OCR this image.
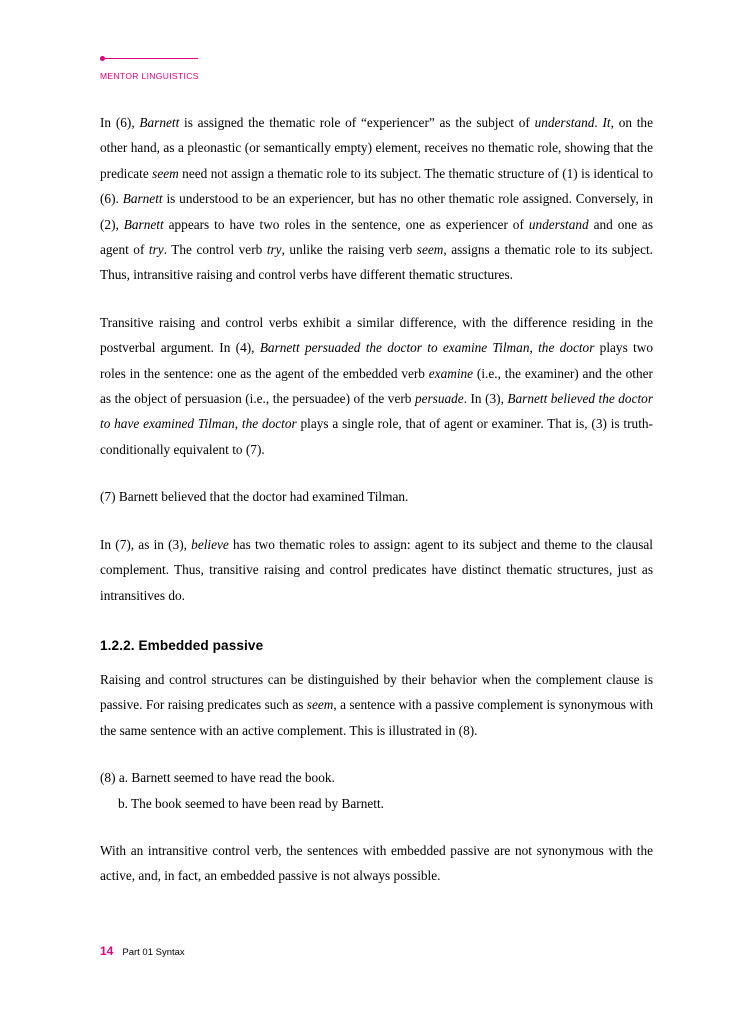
MENTOR LINGUISTICS

In (6), Barnett is assigned the thematic role of “experiencer” as the subject of understand. It, on the other hand, as a pleonastic (or semantically empty) element, receives no thematic role, showing that the predicate seem need not assign a thematic role to its subject. The thematic structure of (1) is identical to (6). Barnett is understood to be an experiencer, but has no other thematic role assigned. Conversely, in (2), Barnett appears to have two roles in the sentence, one as experiencer of understand and one as agent of try. The control verb try, unlike the raising verb seem, assigns a thematic role to its subject. Thus, intransitive raising and control verbs have different thematic structures.

Transitive raising and control verbs exhibit a similar difference, with the difference residing in the postverbal argument. In (4), Barnett persuaded the doctor to examine Tilman, the doctor plays two roles in the sentence: one as the agent of the embedded verb examine (i.e., the examiner) and the other as the object of persuasion (i.e., the persuadee) of the verb persuade. In (3), Barnett believed the doctor to have examined Tilman, the doctor plays a single role, that of agent or examiner. That is, (3) is truth-conditionally equivalent to (7).

(7) Barnett believed that the doctor had examined Tilman.

In (7), as in (3), believe has two thematic roles to assign: agent to its subject and theme to the clausal complement. Thus, transitive raising and control predicates have distinct thematic structures, just as intransitives do.

1.2.2. Embedded passive

Raising and control structures can be distinguished by their behavior when the complement clause is passive. For raising predicates such as seem, a sentence with a passive complement is synonymous with the same sentence with an active complement. This is illustrated in (8).

(8) a. Barnett seemed to have read the book.
b. The book seemed to have been read by Barnett.

With an intransitive control verb, the sentences with embedded passive are not synonymous with the active, and, in fact, an embedded passive is not always possible.

14 Part 01 Syntax
